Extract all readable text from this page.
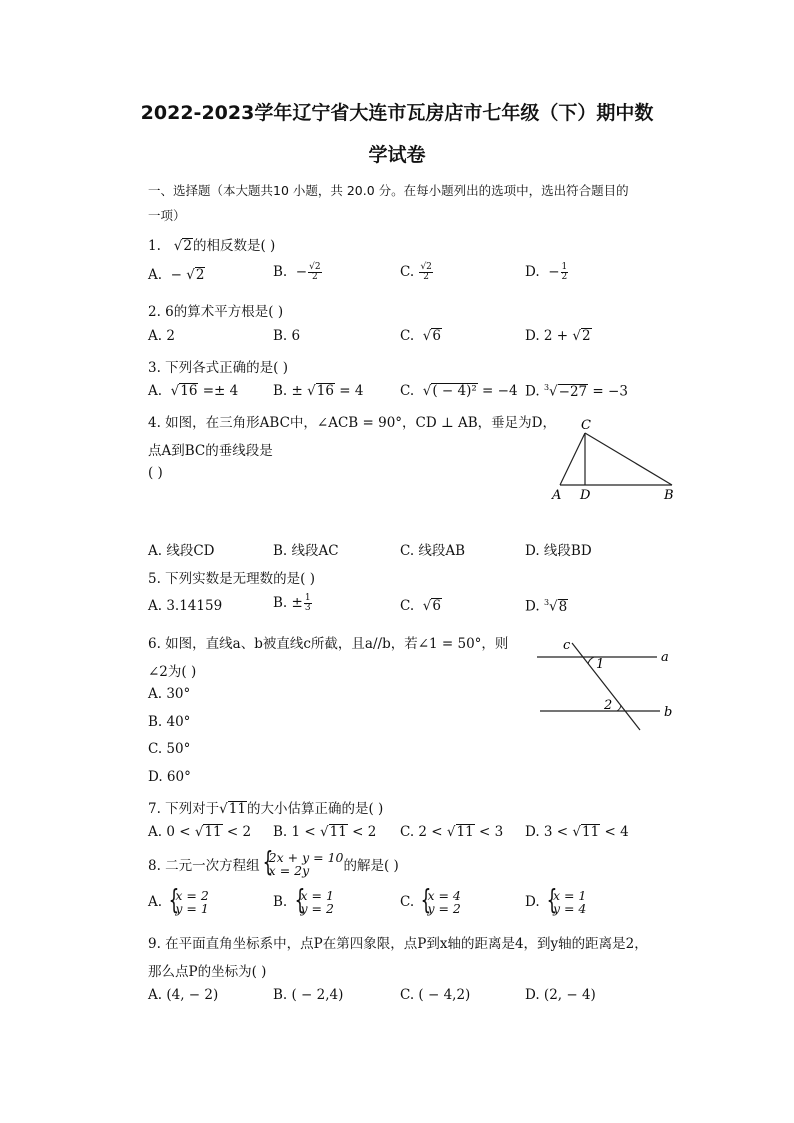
2022-2023学年辽宁省大连市瓦房店市七年级（下）期中数
学试卷
一、选择题（本大题共10 小题，共 20.0 分。在每小题列出的选项中，选出符合题目的
一项）
1.   √2的相反数是( )
A.  − √2	B.  − $\frac{√2}{2}$	C. $\frac{√2}{2}$	D.  − $\frac{1}{2}$
2. 6的算术平方根是( )
A. 2	B. 6	C.  √6	D. 2 + √2
3. 下列各式正确的是( )
A.  √16 =± 4	B. ± √16 = 4	C.  √( − 4)² = −4 D. $^3$√−27 = −3
4. 如图，在三角形ABC中，∠ACB = 90°，CD ⊥ AB，垂足为D，
点A到BC的垂线段是
( )
C
A D	B
A. 线段CD	B. 线段AC	C. 线段AB	D. 线段BD
5. 下列实数是无理数的是( )
A. 3.14159	B. ± $\frac{1}{3}$	C.  √6	D. $^3$√8
6. 如图，直线a、b被直线c所截，且a//b，若∠1 = 50°，则
∠2为( )
A. 30°
B. 40°
C. 50°
D. 60°
c
1
2
a
b
7. 下列对于√11的大小估算正确的是( )
A. 0 < √11 < 2 B. 1 < √11 < 2 C. 2 < √11 < 3 D. 3 < √11 < 4
8. 二元一次方程组
{ 2x + y = 10
x = 2y	的解是( )
A. { x = 2
y = 1	B. { x = 1
y = 2	C. { x = 4
y = 2	D. { x = 1
y = 4
9. 在平面直角坐标系中，点P在第四象限，点P到x轴的距离是4，到y轴的距离是2，
那么点P的坐标为( )
A. (4, − 2)	B. ( − 2,4)	C. ( − 4,2)	D. (2, − 4)
